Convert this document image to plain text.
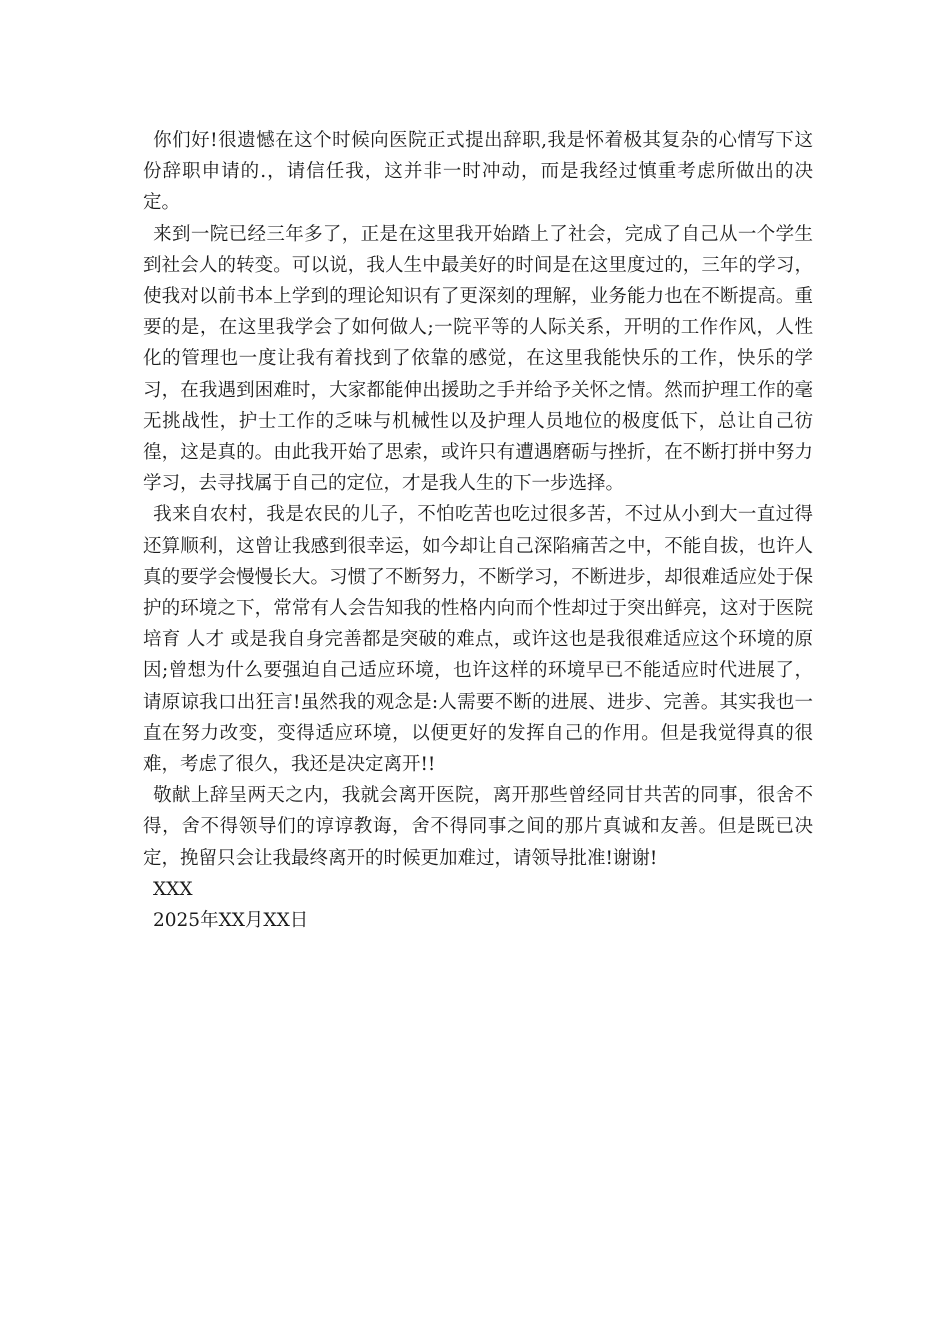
你们好!很遗憾在这个时候向医院正式提出辞职,我是怀着极其复杂的心情写下这份辞职申请的.，请信任我，这并非一时冲动，而是我经过慎重考虑所做出的决定。

来到一院已经三年多了，正是在这里我开始踏上了社会，完成了自己从一个学生到社会人的转变。可以说，我人生中最美好的时间是在这里度过的，三年的学习，使我对以前书本上学到的理论知识有了更深刻的理解，业务能力也在不断提高。重要的是，在这里我学会了如何做人;一院平等的人际关系，开明的工作作风，人性化的管理也一度让我有着找到了依靠的感觉，在这里我能快乐的工作，快乐的学习，在我遇到困难时，大家都能伸出援助之手并给予关怀之情。然而护理工作的毫无挑战性，护士工作的乏味与机械性以及护理人员地位的极度低下，总让自己彷徨，这是真的。由此我开始了思索，或许只有遭遇磨砺与挫折，在不断打拼中努力学习，去寻找属于自己的定位，才是我人生的下一步选择。

我来自农村，我是农民的儿子，不怕吃苦也吃过很多苦，不过从小到大一直过得还算顺利，这曾让我感到很幸运，如今却让自己深陷痛苦之中，不能自拔，也许人真的要学会慢慢长大。习惯了不断努力，不断学习，不断进步，却很难适应处于保护的环境之下，常常有人会告知我的性格内向而个性却过于突出鲜亮，这对于医院培育 人才 或是我自身完善都是突破的难点，或许这也是我很难适应这个环境的原因;曾想为什么要强迫自己适应环境，也许这样的环境早已不能适应时代进展了，请原谅我口出狂言!虽然我的观念是:人需要不断的进展、进步、完善。其实我也一直在努力改变，变得适应环境，以便更好的发挥自己的作用。但是我觉得真的很难，考虑了很久，我还是决定离开!!

敬献上辞呈两天之内，我就会离开医院，离开那些曾经同甘共苦的同事，很舍不得，舍不得领导们的谆谆教诲，舍不得同事之间的那片真诚和友善。但是既已决定，挽留只会让我最终离开的时候更加难过，请领导批准!谢谢!

XXX

2025年XX月XX日
